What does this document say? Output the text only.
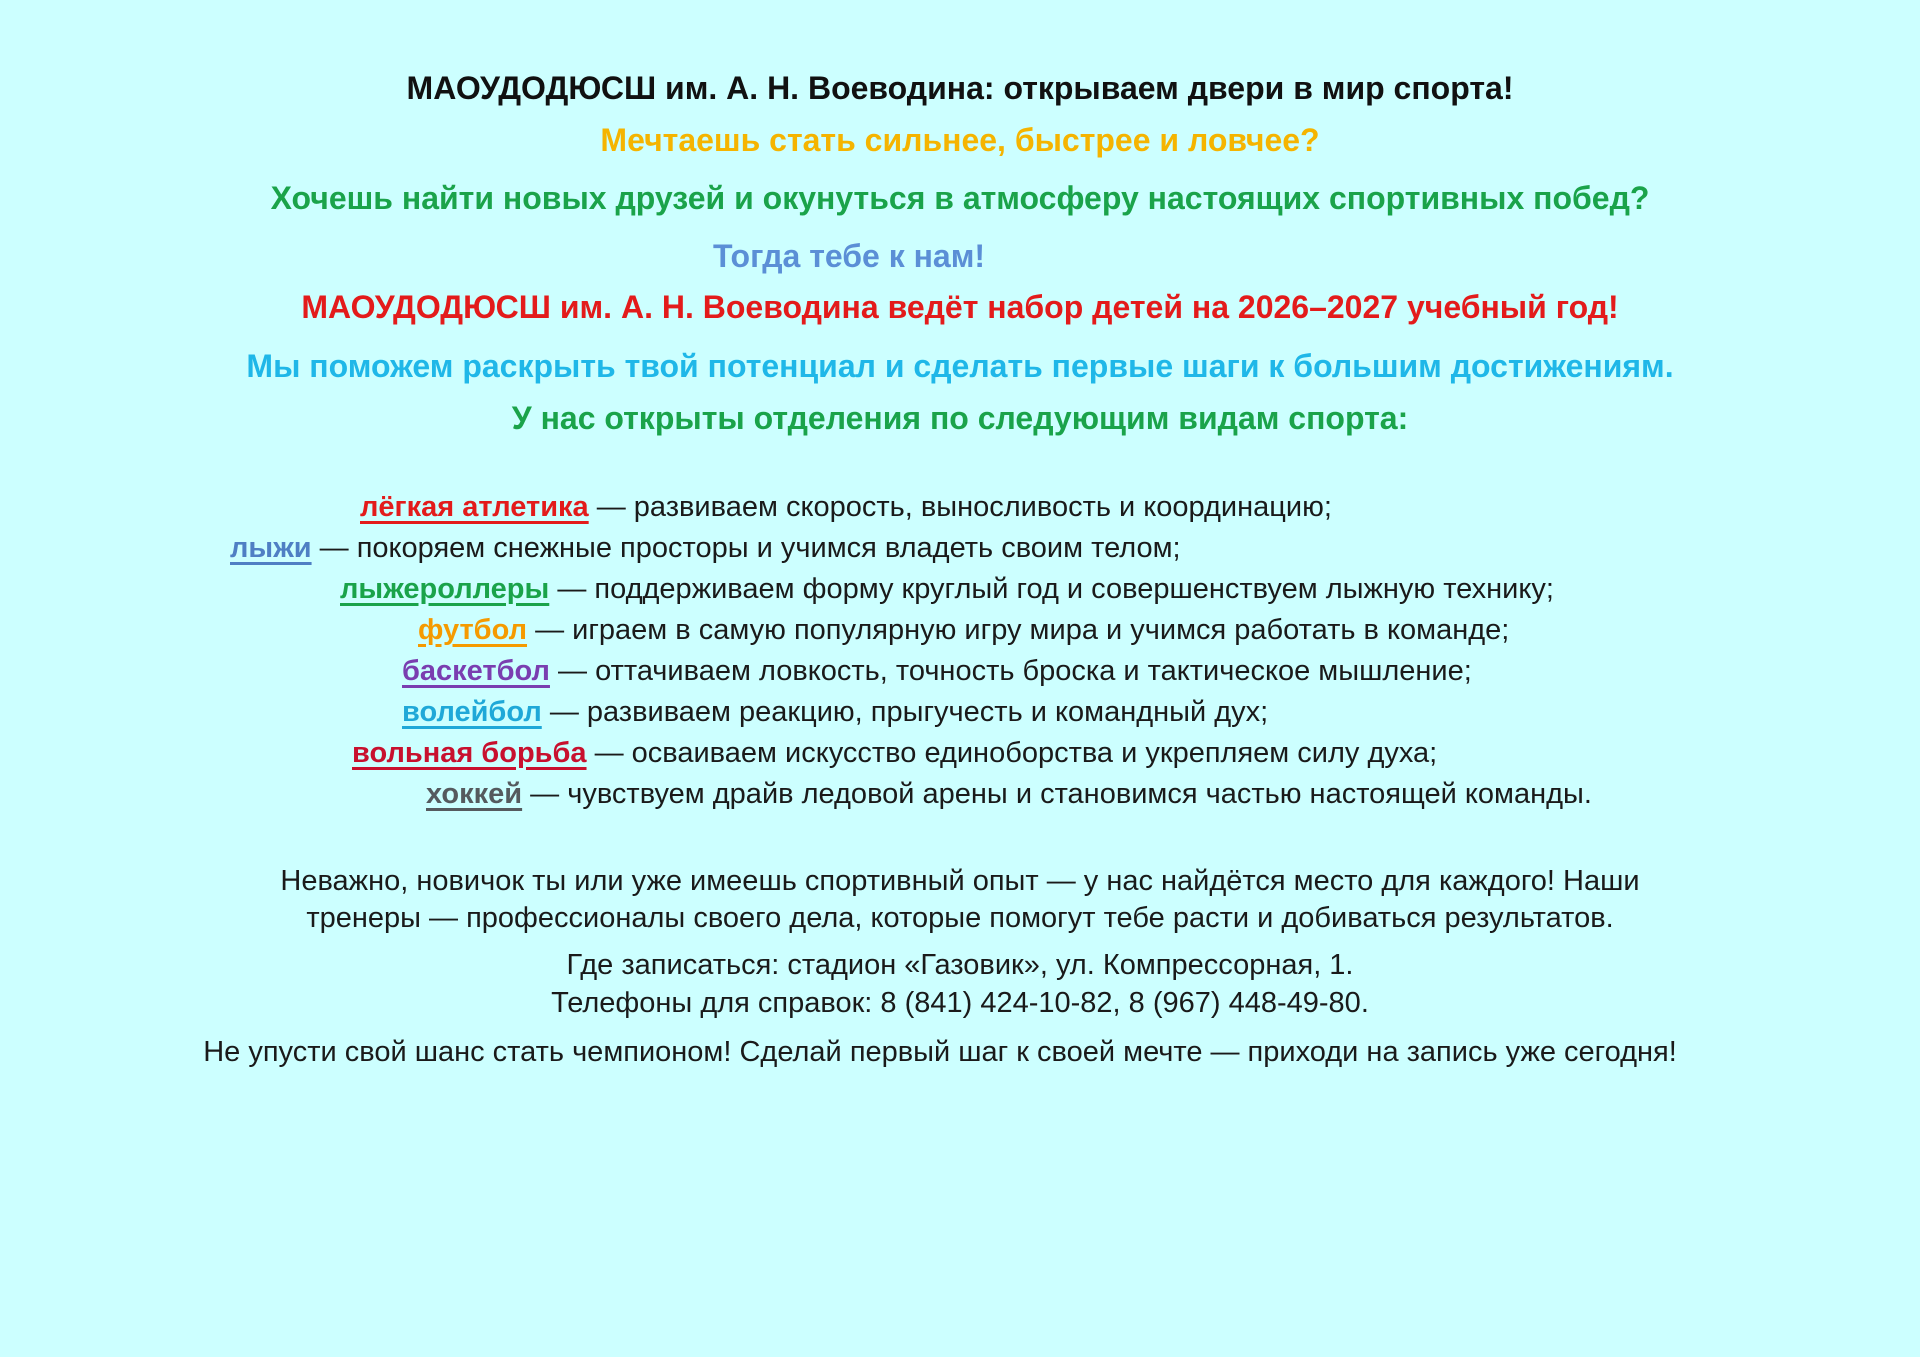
МАОУДОДЮСШ им. А. Н. Воеводина: открываем двери в мир спорта!
Мечтаешь стать сильнее, быстрее и ловчее?
Хочешь найти новых друзей и окунуться в атмосферу настоящих спортивных побед?
Тогда тебе к нам!
МАОУДОДЮСШ им. А. Н. Воеводина ведёт набор детей на 2026–2027 учебный год!
Мы поможем раскрыть твой потенциал и сделать первые шаги к большим достижениям.
У нас открыты отделения по следующим видам спорта:
лёгкая атлетика — развиваем скорость, выносливость и координацию;
лыжи — покоряем снежные просторы и учимся владеть своим телом;
лыжероллеры — поддерживаем форму круглый год и совершенствуем лыжную технику;
футбол — играем в самую популярную игру мира и учимся работать в команде;
баскетбол — оттачиваем ловкость, точность броска и тактическое мышление;
волейбол — развиваем реакцию, прыгучесть и командный дух;
вольная борьба — осваиваем искусство единоборства и укрепляем силу духа;
хоккей — чувствуем драйв ледовой арены и становимся частью настоящей команды.
Неважно, новичок ты или уже имеешь спортивный опыт — у нас найдётся место для каждого! Наши
тренеры — профессионалы своего дела, которые помогут тебе расти и добиваться результатов.
Где записаться: стадион «Газовик», ул. Компрессорная, 1.
Телефоны для справок: 8 (841) 424-10-82, 8 (967) 448-49-80.
Не упусти свой шанс стать чемпионом! Сделай первый шаг к своей мечте — приходи на запись уже сегодня!
